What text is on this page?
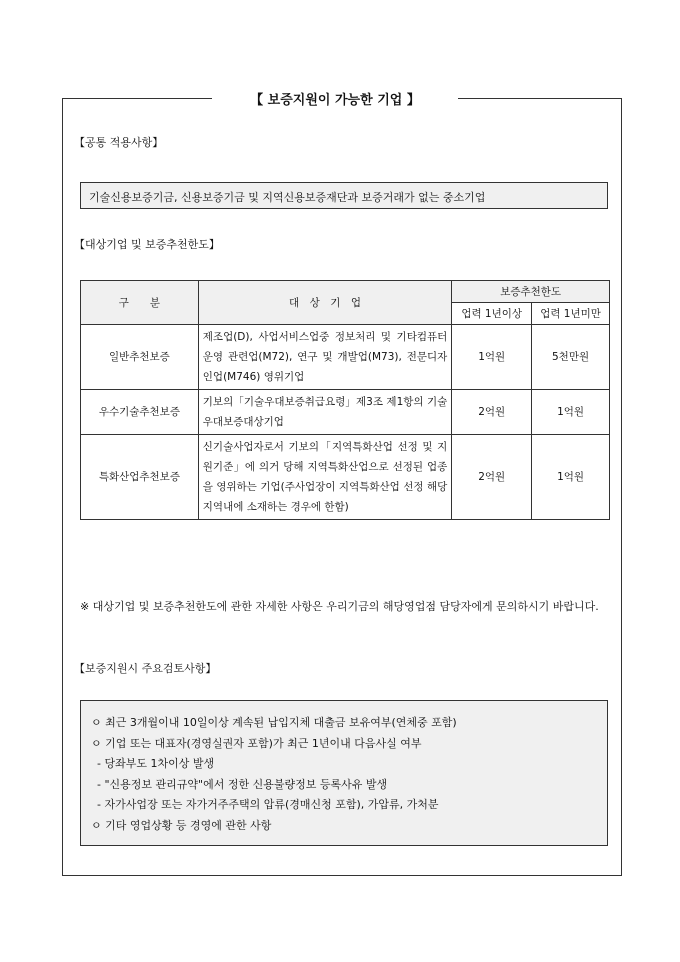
【 보증지원이 가능한 기업 】
【공통 적용사항】
기술신용보증기금, 신용보증기금 및 지역신용보증재단과 보증거래가 없는 중소기업
【대상기업 및 보증추천한도】
구　　분	대　상　기　업	보증추천한도	
		업력 1년이상	업력 1년미만
일반추천보증	제조업(D), 사업서비스업중 정보처리 및 기타컴퓨터운영 관련업(M72), 연구 및 개발업(M73), 전문디자인업(M746) 영위기업	1억원	5천만원
우수기술추천보증	기보의「기술우대보증취급요령」제3조 제1항의 기술우대보증대상기업	2억원	1억원
특화산업추천보증	신기술사업자로서 기보의「지역특화산업 선정 및 지원기준」에 의거 당해 지역특화산업으로 선정된 업종을 영위하는 기업(주사업장이 지역특화산업 선정 해당지역내에 소재하는 경우에 한함)	2억원	1억원
※ 대상기업 및 보증추천한도에 관한 자세한 사항은 우리기금의 해당영업점 담당자에게 문의하시기 바랍니다.
【보증지원시 주요검토사항】
ㅇ 최근 3개월이내 10일이상 계속된 납입지체 대출금 보유여부(연체중 포함)
ㅇ 기업 또는 대표자(경영실권자 포함)가 최근 1년이내 다음사실 여부
- 당좌부도 1차이상 발생
- "신용정보 관리규약"에서 정한 신용불량정보 등록사유 발생
- 자가사업장 또는 자가거주주택의 압류(경매신청 포함), 가압류, 가처분
ㅇ 기타 영업상황 등 경영에 관한 사항
